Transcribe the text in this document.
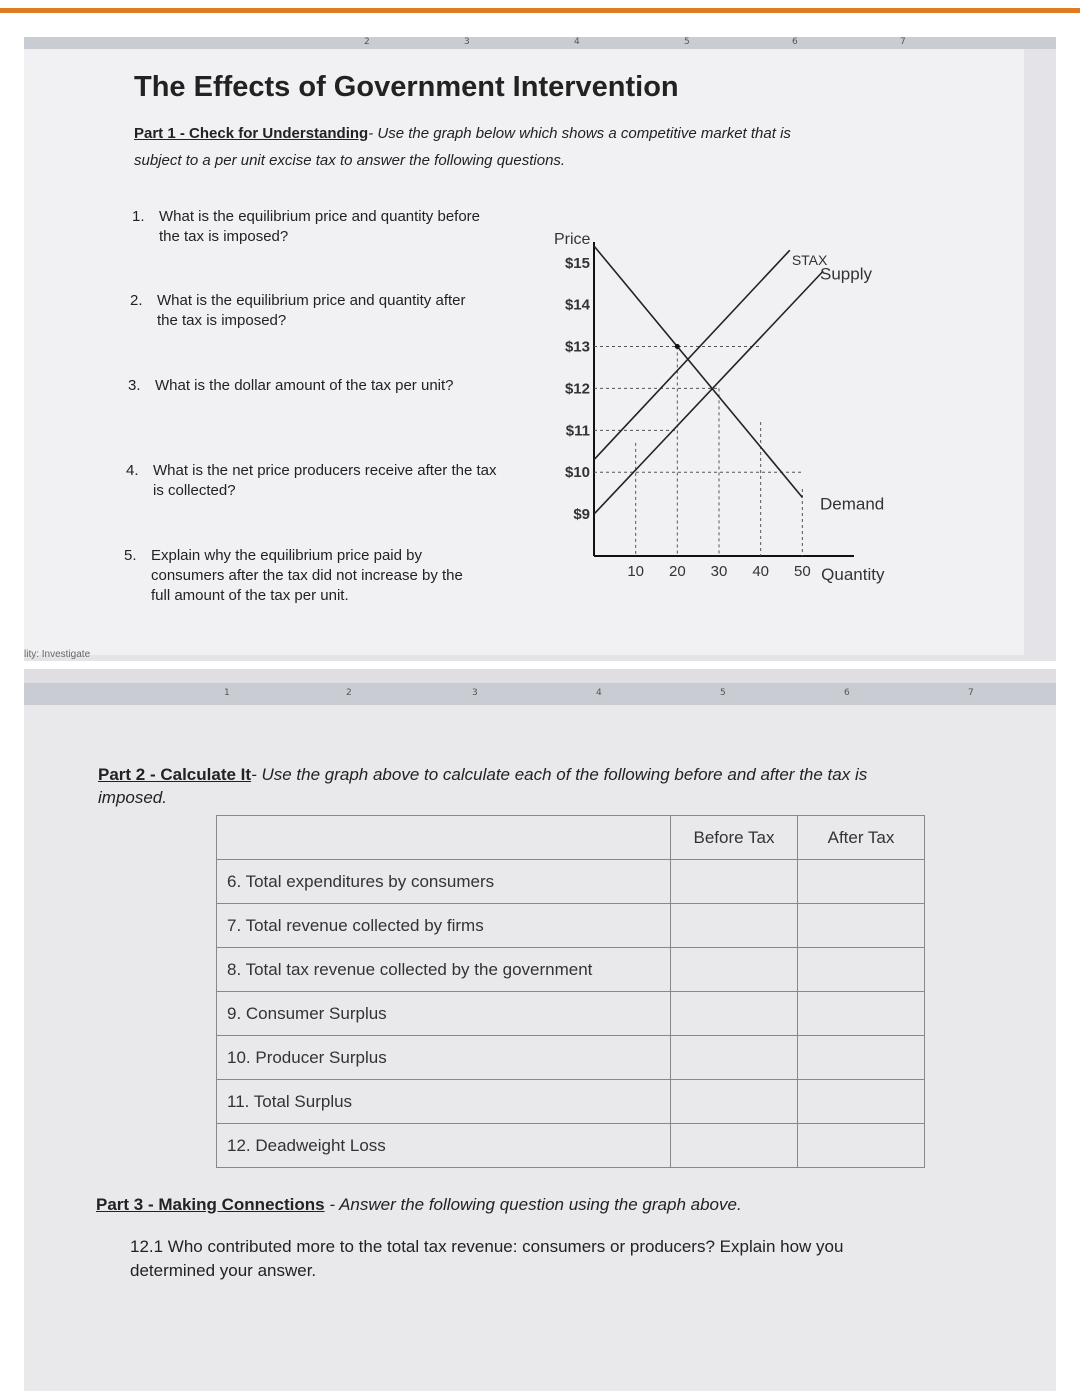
2	3	4	5	6	7
The Effects of Government Intervention
Part 1 - Check for Understanding- Use the graph below which shows a competitive market that is
subject to a per unit excise tax to answer the following questions.
1. What is the equilibrium price and quantity before the tax is imposed?
2. What is the equilibrium price and quantity after the tax is imposed?
3. What is the dollar amount of the tax per unit?
4. What is the net price producers receive after the tax is collected?
5. Explain why the equilibrium price paid by consumers after the tax did not increase by the full amount of the tax per unit.
$9
$10
$11
$12
$13
$14
$15
10 20 30 40 50
Price
Quantity
STAX
Supply
Demand
lity: Investigate
1	2	3	4	5	6	7
Part 2 - Calculate It- Use the graph above to calculate each of the following before and after the tax is
imposed.
	Before Tax	After Tax
6. Total expenditures by consumers		
7. Total revenue collected by firms		
8. Total tax revenue collected by the government		
9. Consumer Surplus		
10. Producer Surplus		
11. Total Surplus		
12. Deadweight Loss		
Part 3 - Making Connections - Answer the following question using the graph above.
12.1 Who contributed more to the total tax revenue: consumers or producers? Explain how you
determined your answer.
